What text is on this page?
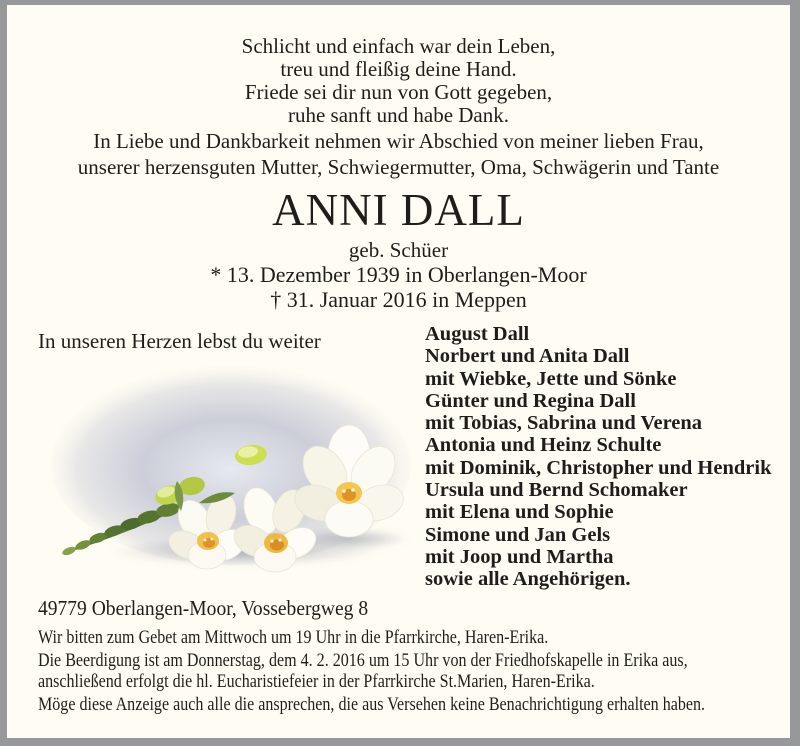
Schlicht und einfach war dein Leben,
treu und fleißig deine Hand.
Friede sei dir nun von Gott gegeben,
ruhe sanft und habe Dank.
In Liebe und Dankbarkeit nehmen wir Abschied von meiner lieben Frau,
unserer herzensguten Mutter, Schwiegermutter, Oma, Schwägerin und Tante
ANNI DALL
geb. Schüer
* 13. Dezember 1939 in Oberlangen-Moor
† 31. Januar 2016 in Meppen
In unseren Herzen lebst du weiter	August Dall
Norbert und Anita Dall
mit Wiebke, Jette und Sönke
Günter und Regina Dall
mit Tobias, Sabrina und Verena
Antonia und Heinz Schulte
mit Dominik, Christopher und Hendrik
Ursula und Bernd Schomaker
mit Elena und Sophie
Simone und Jan Gels
mit Joop und Martha
sowie alle Angehörigen.
49779 Oberlangen-Moor, Vossebergweg 8
Wir bitten zum Gebet am Mittwoch um 19 Uhr in die Pfarrkirche, Haren-Erika.
Die Beerdigung ist am Donnerstag, dem 4. 2. 2016 um 15 Uhr von der Friedhofskapelle in Erika aus,
anschließend erfolgt die hl. Eucharistiefeier in der Pfarrkirche St.Marien, Haren-Erika.
Möge diese Anzeige auch alle die ansprechen, die aus Versehen keine Benachrichtigung erhalten haben.
